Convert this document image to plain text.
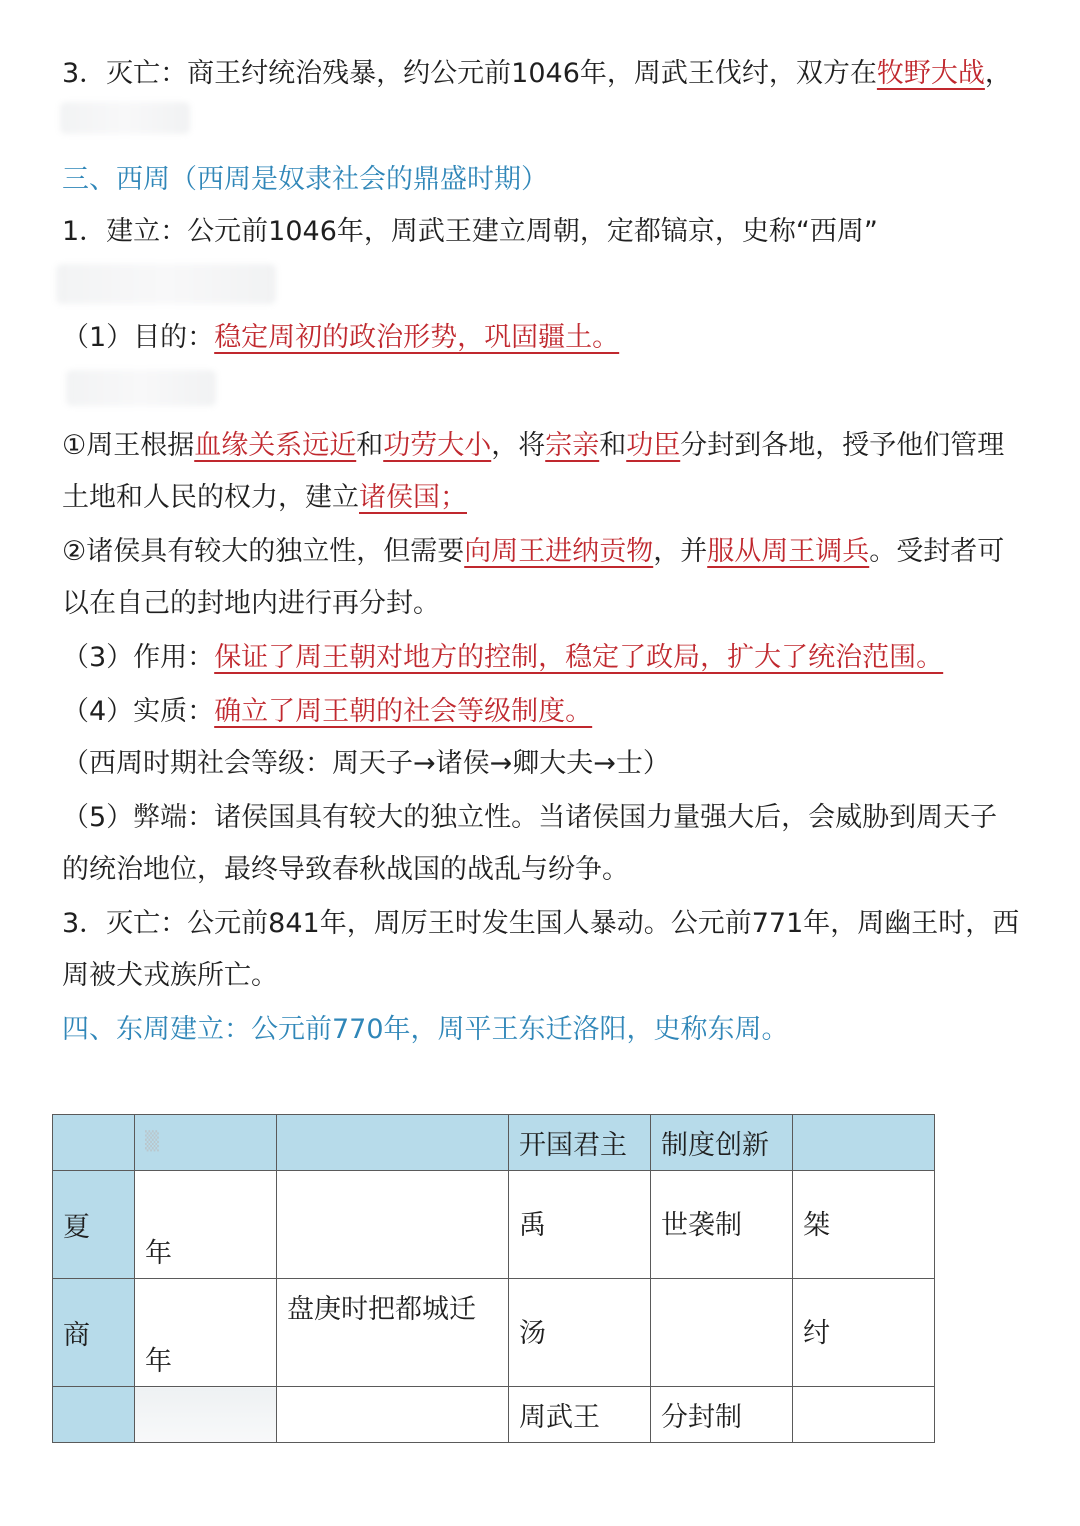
3．灭亡：商王纣统治残暴，约公元前1046年，周武王伐纣，双方在牧野大战，
三、西周（西周是奴隶社会的鼎盛时期）
1．建立：公元前1046年，周武王建立周朝，定都镐京，史称“西周”
（1）目的：稳定周初的政治形势，巩固疆土。
①周王根据血缘关系远近和功劳大小，将宗亲和功臣分封到各地，授予他们管理
土地和人民的权力，建立诸侯国；
②诸侯具有较大的独立性，但需要向周王进纳贡物，并服从周王调兵。受封者可
以在自己的封地内进行再分封。
（3）作用：保证了周王朝对地方的控制，稳定了政局，扩大了统治范围。
（4）实质：确立了周王朝的社会等级制度。
（西周时期社会等级：周天子→诸侯→卿大夫→士）
（5）弊端：诸侯国具有较大的独立性。当诸侯国力量强大后，会威胁到周天子
的统治地位，最终导致春秋战国的战乱与纷争。
3．灭亡：公元前841年，周厉王时发生国人暴动。公元前771年，周幽王时，西
周被犬戎族所亡。
四、东周建立：公元前770年，周平王东迁洛阳，史称东周。
	▒		开国君主	制度创新	
夏	年		禹	世袭制	桀
商	年	盘庚时把都城迁	汤		纣
			周武王	分封制	
